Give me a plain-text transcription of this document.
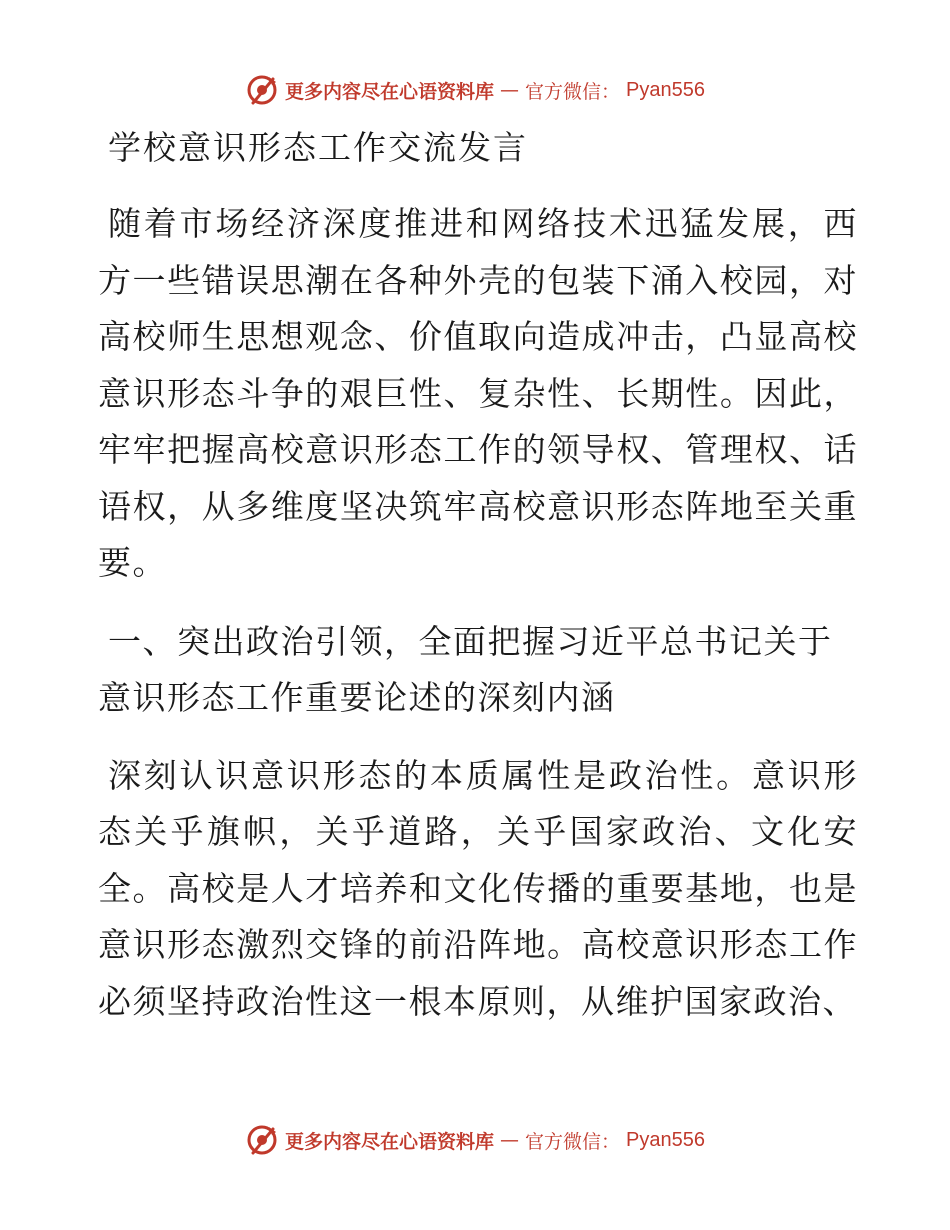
更多内容尽在心语资料库 — 官方微信： Pyan556
学校意识形态工作交流发言

随着市场经济深度推进和网络技术迅猛发展，西方一些错误思潮在各种外壳的包装下涌入校园，对高校师生思想观念、价值取向造成冲击，凸显高校意识形态斗争的艰巨性、复杂性、长期性。因此，牢牢把握高校意识形态工作的领导权、管理权、话语权，从多维度坚决筑牢高校意识形态阵地至关重要。

一、突出政治引领，全面把握习近平总书记关于意识形态工作重要论述的深刻内涵

深刻认识意识形态的本质属性是政治性。意识形态关乎旗帜，关乎道路，关乎国家政治、文化安全。高校是人才培养和文化传播的重要基地，也是意识形态激烈交锋的前沿阵地。高校意识形态工作必须坚持政治性这一根本原则，从维护国家政治、

更多内容尽在心语资料库 — 官方微信： Pyan556
